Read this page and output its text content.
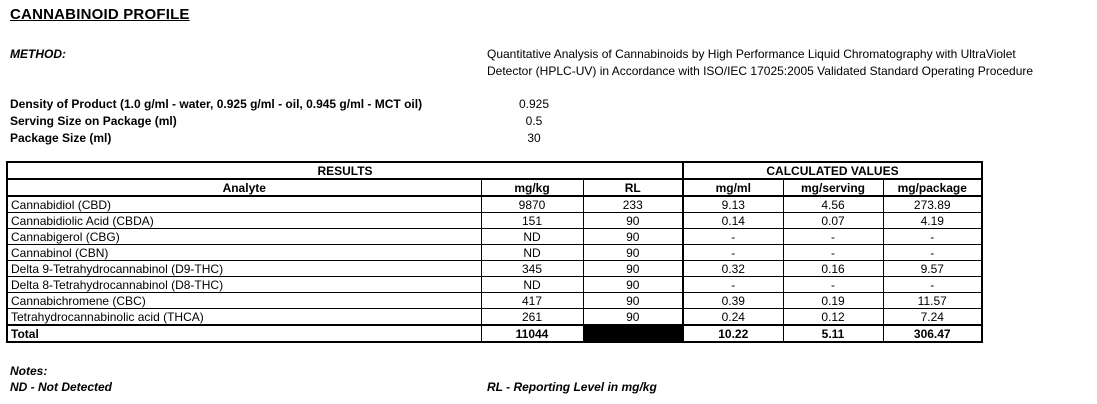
CANNABINOID PROFILE
METHOD:	Quantitative Analysis of Cannabinoids by High Performance Liquid Chromatography with UltraViolet
Detector (HPLC-UV) in Accordance with ISO/IEC 17025:2005 Validated Standard Operating Procedure
Density of Product (1.0 g/ml - water, 0.925 g/ml - oil, 0.945 g/ml - MCT oil)	0.925
Serving Size on Package (ml)	0.5
Package Size (ml)	30
RESULTS			CALCULATED VALUES		
Analyte	mg/kg	RL	mg/ml	mg/serving	mg/package
Cannabidiol (CBD)	9870	233	9.13	4.56	273.89
Cannabidiolic Acid (CBDA)	151	90	0.14	0.07	4.19
Cannabigerol (CBG)	ND	90	-	-	-
Cannabinol (CBN)	ND	90	-	-	-
Delta 9-Tetrahydrocannabinol (D9-THC)	345	90	0.32	0.16	9.57
Delta 8-Tetrahydrocannabinol (D8-THC)	ND	90	-	-	-
Cannabichromene (CBC)	417	90	0.39	0.19	11.57
Tetrahydrocannabinolic acid (THCA)	261	90	0.24	0.12	7.24
Total	11044		10.22	5.11	306.47
Notes:
ND - Not Detected	RL - Reporting Level in mg/kg
